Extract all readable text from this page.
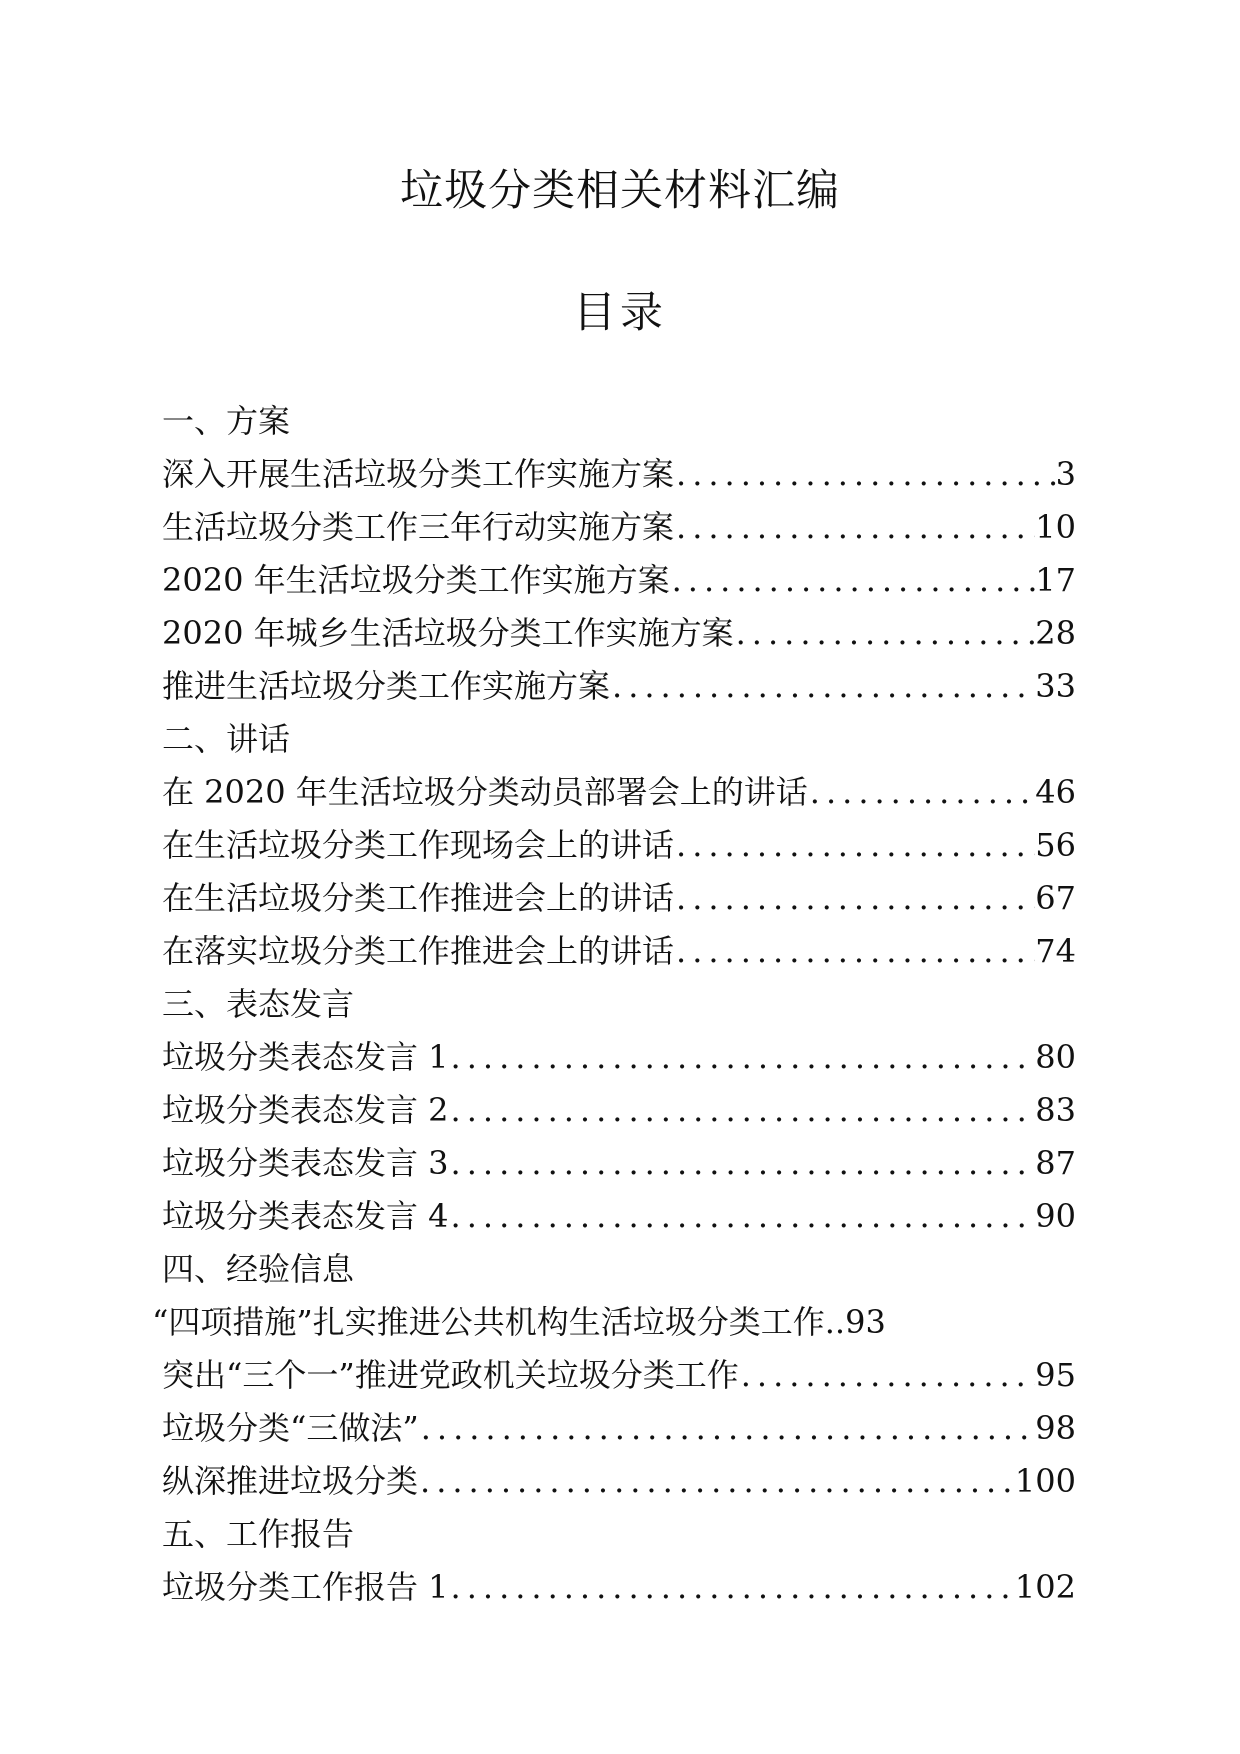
垃圾分类相关材料汇编
目录
一、方案
深入开展生活垃圾分类工作实施方案 .....	3
生活垃圾分类工作三年行动实施方案 .....	10
2020 年生活垃圾分类工作实施方案 .....	17
2020 年城乡生活垃圾分类工作实施方案 .....	28
推进生活垃圾分类工作实施方案 .....	33
二、讲话
在 2020 年生活垃圾分类动员部署会上的讲话 .....	46
在生活垃圾分类工作现场会上的讲话 .....	56
在生活垃圾分类工作推进会上的讲话 .....	67
在落实垃圾分类工作推进会上的讲话 .....	74
三、表态发言
垃圾分类表态发言 1 .....	80
垃圾分类表态发言 2 .....	83
垃圾分类表态发言 3 .....	87
垃圾分类表态发言 4 .....	90
四、经验信息
“四项措施”扎实推进公共机构生活垃圾分类工作.. 93
突出“三个一”推进党政机关垃圾分类工作 .....	95
垃圾分类“三做法” .....	98
纵深推进垃圾分类 .....	100
五、工作报告
垃圾分类工作报告 1 .....	102
